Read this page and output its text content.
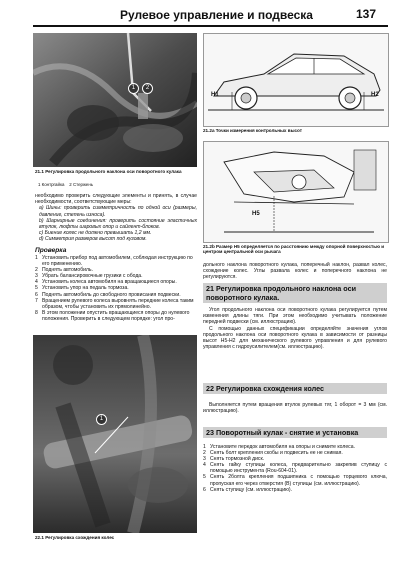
Рулевое управление и подвеска	137
1	2
21.1 Регулировка продольного наклона оси поворотного кулака
1 Контргайка 2 Стержень

необходимо проверить следующие элементы и принять, в случае необходимости, соответствующие меры:

а) Шины: проверить симметричность по одной оси (размеры, давление, степень износа).

b) Шарнирные соединения: проверить состояние эластичных втулок, люфты шаровых опор и сайлент-блоков.

c) Биение колес не должно превышать 1,2 мм.

d) Симметрия размеров высот под кузовом.

Проверка
1 Установить прибор под автомобилем, соблюдая инструкцию по его применению.
2 Поднять автомобиль.
3 Убрать балансировочные грузики с обода.
4 Установить колеса автомобиля на вращающиеся опоры.
5 Установить упор на педаль тормоза.
6 Поднять автомобиль до свободного провисания подвески.
7 Вращением рулевого колеса выровнять передние колеса таким образом, чтобы установить их прямолинейно.
8 В этом положении опустить вращающиеся опоры до нулевого положения. Проверить в следующем порядке: угол про-
1
22.1 Регулировка схождения колес
H1	H2
21.2а Точки измерения контрольных высот
H5
21.2b Размер Н5 определяется по расстоянию между опорной поверхностью и центром центральной оси рычага
дольного наклона поворотного кулака, поперечный наклон, развал колес, схождение колес. Углы развала колес и поперечного наклона не регулируются.
21 Регулировка продольного наклона оси поворотного кулака.

Угол продольного наклона оси поворотного кулака регулируется путем изменения длины тяги. При этом необходимо учитывать положение передней подвески (см. иллюстрацию).

С помощью данных спецификации определяйте значения углов продольного наклона оси поворотного кулака в зависимости от разницы высот Н5-Н2 для механического рулевого управления и для рулевого управления с гидроусилителем(см. иллюстрацию).

22 Регулировка схождения колес

Выполняется путем вращения втулок рулевых тяг, 1 оборот = 3 мм (см. иллюстрацию).

23 Поворотный кулак - снятие и установка
1 Установите передок автомобиля на опоры и снимите колеса.
2 Снять болт крепления скобы и подвесить ее не снимая.
3 Снять тормозной диск.
4 Снять гайку ступицы колеса, предварительно закрепив ступицу с помощью инструмента (Rou-604-01).
5 Снять 2болта крепления подшипника с помощью торцевого ключа, пропуская его через отверстия (В) ступицы (см. иллюстрацию).
6 Снять ступицу (см. иллюстрацию).
